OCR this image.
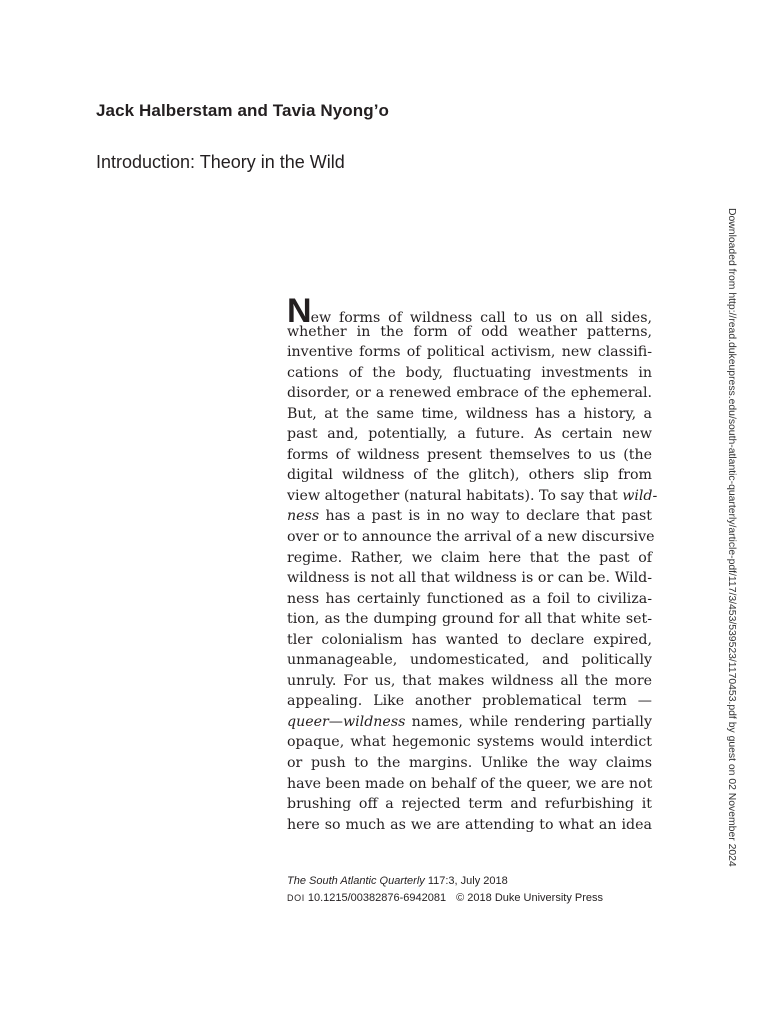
Jack Halberstam and Tavia Nyong’o
Introduction: Theory in the Wild
Downloaded from http://read.dukeupress.edu/south-atlantic-quarterly/article-pdf/117/3/453/539523/1170453.pdf by guest on 02 November 2024
New forms of wildness call to us on all sides,
whether in the form of odd weather patterns,
inventive forms of political activism, new classifi-
cations of the body, fluctuating investments in
disorder, or a renewed embrace of the ephemeral.
But, at the same time, wildness has a history, a
past and, potentially, a future. As certain new
forms of wildness present themselves to us (the
digital wildness of the glitch), others slip from
view altogether (natural habitats). To say that wild-
ness has a past is in no way to declare that past
over or to announce the arrival of a new discursive
regime. Rather, we claim here that the past of
wildness is not all that wildness is or can be. Wild-
ness has certainly functioned as a foil to civiliza-
tion, as the dumping ground for all that white set-
tler colonialism has wanted to declare expired,
unmanageable, undomesticated, and politically
unruly. For us, that makes wildness all the more
appealing. Like another problematical term —
queer—wildness names, while rendering partially
opaque, what hegemonic systems would interdict
or push to the margins. Unlike the way claims
have been made on behalf of the queer, we are not
brushing off a rejected term and refurbishing it
here so much as we are attending to what an idea
The South Atlantic Quarterly 117:3, July 2018
DOI 10.1215/00382876-6942081 © 2018 Duke University Press
